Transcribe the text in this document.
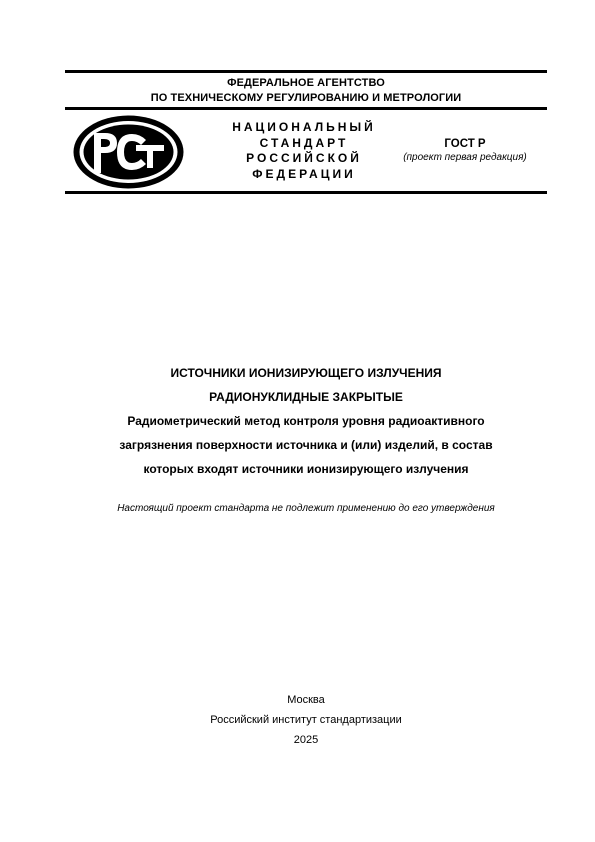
ФЕДЕРАЛЬНОЕ АГЕНТСТВО
ПО ТЕХНИЧЕСКОМУ РЕГУЛИРОВАНИЮ И МЕТРОЛОГИИ
НАЦИОНАЛЬНЫЙ
СТАНДАРТ
РОССИЙСКОЙ
ФЕДЕРАЦИИ
ГОСТ Р
(проект первая редакция)
ИСТОЧНИКИ ИОНИЗИРУЮЩЕГО ИЗЛУЧЕНИЯ
РАДИОНУКЛИДНЫЕ ЗАКРЫТЫЕ
Радиометрический метод контроля уровня радиоактивного
загрязнения поверхности источника и (или) изделий, в состав
которых входят источники ионизирующего излучения
Настоящий проект стандарта не подлежит применению до его утверждения
Москва
Российский институт стандартизации
2025
